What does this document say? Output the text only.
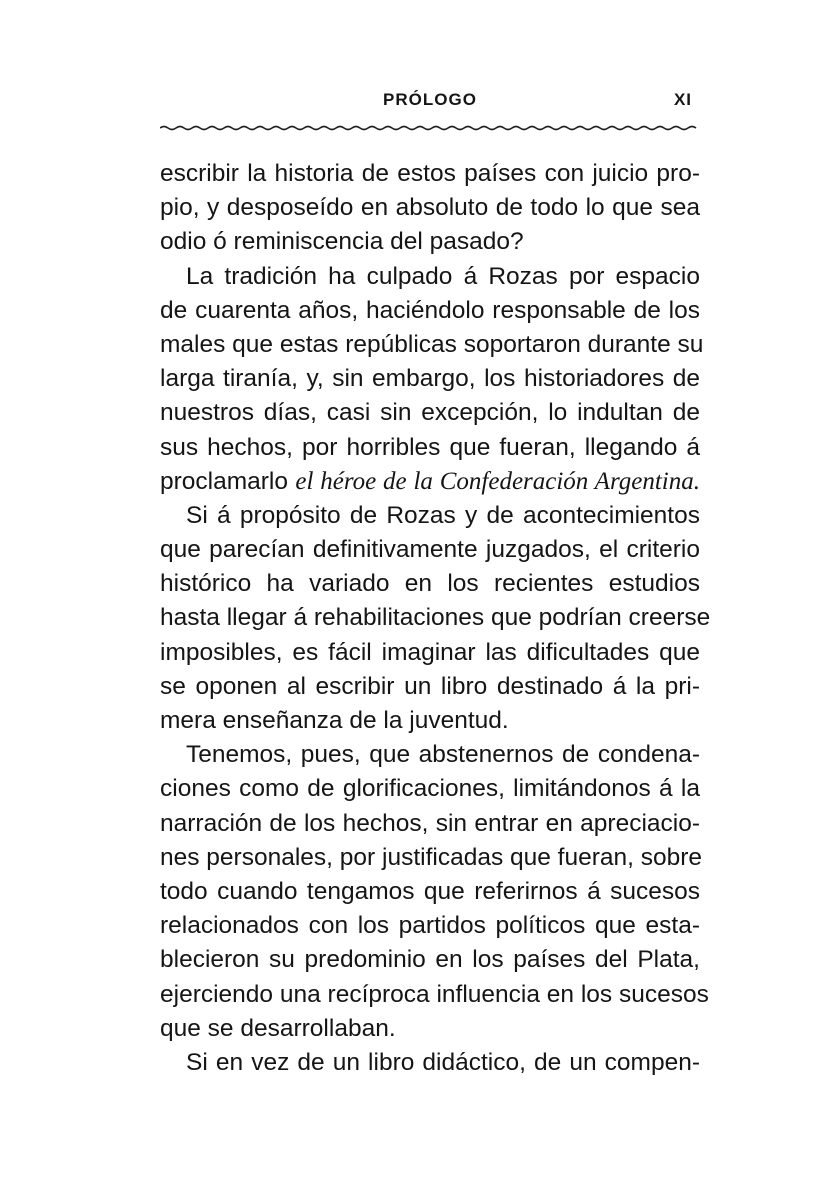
PRÓLOGO	XI
escribir la historia de estos países con juicio pro-
pio, y desposeído en absoluto de todo lo que sea
odio ó reminiscencia del pasado?
La tradición ha culpado á Rozas por espacio
de cuarenta años, haciéndolo responsable de los
males que estas repúblicas soportaron durante su
larga tiranía, y, sin embargo, los historiadores de
nuestros días, casi sin excepción, lo indultan de
sus hechos, por horribles que fueran, llegando á
proclamarlo el héroe de la Confederación Argentina.
Si á propósito de Rozas y de acontecimientos
que parecían definitivamente juzgados, el criterio
histórico ha variado en los recientes estudios
hasta llegar á rehabilitaciones que podrían creerse
imposibles, es fácil imaginar las dificultades que
se oponen al escribir un libro destinado á la pri-
mera enseñanza de la juventud.
Tenemos, pues, que abstenernos de condena-
ciones como de glorificaciones, limitándonos á la
narración de los hechos, sin entrar en apreciacio-
nes personales, por justificadas que fueran, sobre
todo cuando tengamos que referirnos á sucesos
relacionados con los partidos políticos que esta-
blecieron su predominio en los países del Plata,
ejerciendo una recíproca influencia en los sucesos
que se desarrollaban.
Si en vez de un libro didáctico, de un compen-
